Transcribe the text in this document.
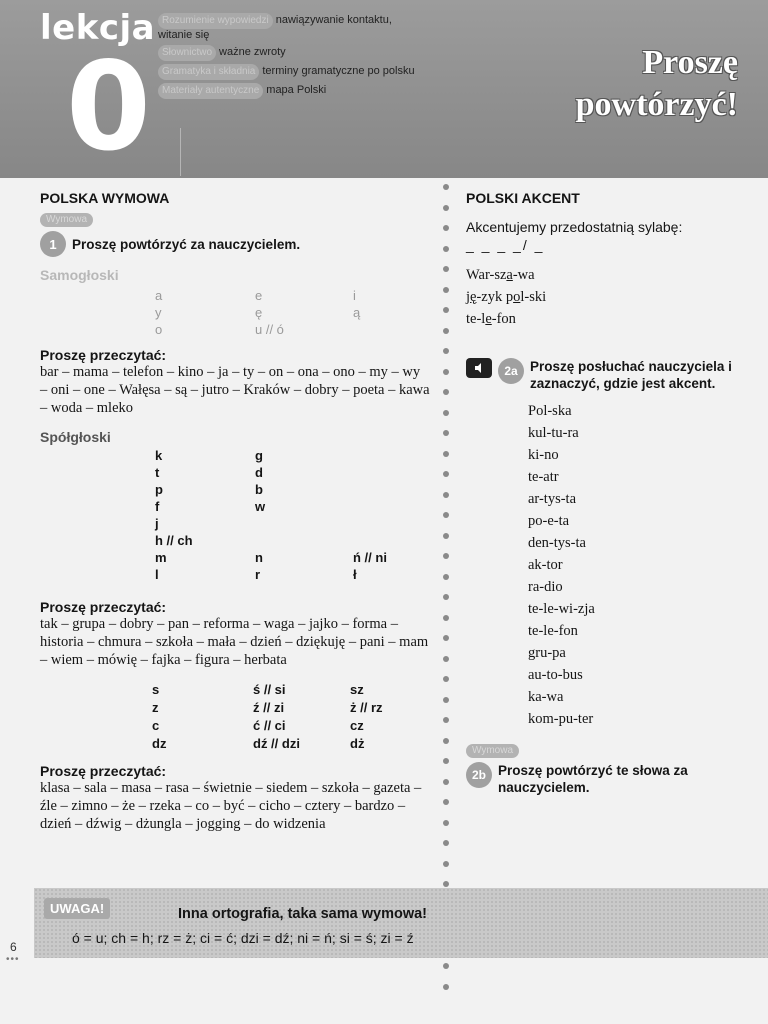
lekcja
0
Rozumienie wypowiedzi nawiązywanie kontaktu,
witanie się
Słownictwo ważne zwroty
Gramatyka i składnia terminy gramatyczne po polsku
Materiały autentyczne mapa Polski
Proszę
powtórzyć!
POLSKA WYMOWA
Wymowa
1	Proszę powtórzyć za nauczycielem.
Samogłoski
a	e	i
y	ę	ą
o	u // ó
Proszę przeczytać:
bar – mama – telefon – kino – ja – ty – on – ona – ono – my – wy – oni – one – Wałęsa – są – jutro – Kraków – dobry – poeta – kawa – woda – mleko
Spółgłoski
k	g
t	d
p	b
f	w
j
h // ch
m	n	ń // ni
l	r	ł
Proszę przeczytać:
tak – grupa – dobry – pan – reforma – waga – jajko – forma – historia – chmura – szkoła – mała – dzień – dziękuję – pani – mam – wiem – mówię – fajka – figura – herbata
s	ś // si	sz
z	ź // zi	ż // rz
c	ć // ci	cz
dz	dź // dzi	dż
Proszę przeczytać:
klasa – sala – masa – rasa – świetnie – siedem – szkoła – gazeta – źle – zimno – że – rzeka – co – być – cicho – cztery – bardzo – dzień – dźwig – dżungla – jogging – do widzenia
POLSKI AKCENT
Akcentujemy przedostatnią sylabę:
_ _ _ _/ _
War-sza-wa
ję-zyk pol-ski
te-le-fon
2a Proszę posłuchać nauczyciela i zaznaczyć, gdzie jest akcent.
Pol-ska
kul-tu-ra
ki-no
te-atr
ar-tys-ta
po-e-ta
den-tys-ta
ak-tor
ra-dio
te-le-wi-zja
te-le-fon
gru-pa
au-to-bus
ka-wa
kom-pu-ter
Wymowa
2b Proszę powtórzyć te słowa za nauczycielem.
UWAGA!	Inna ortografia, taka sama wymowa!
ó = u; ch = h; rz = ż; ci = ć; dzi = dź; ni = ń; si = ś; zi = ź
6
•••
